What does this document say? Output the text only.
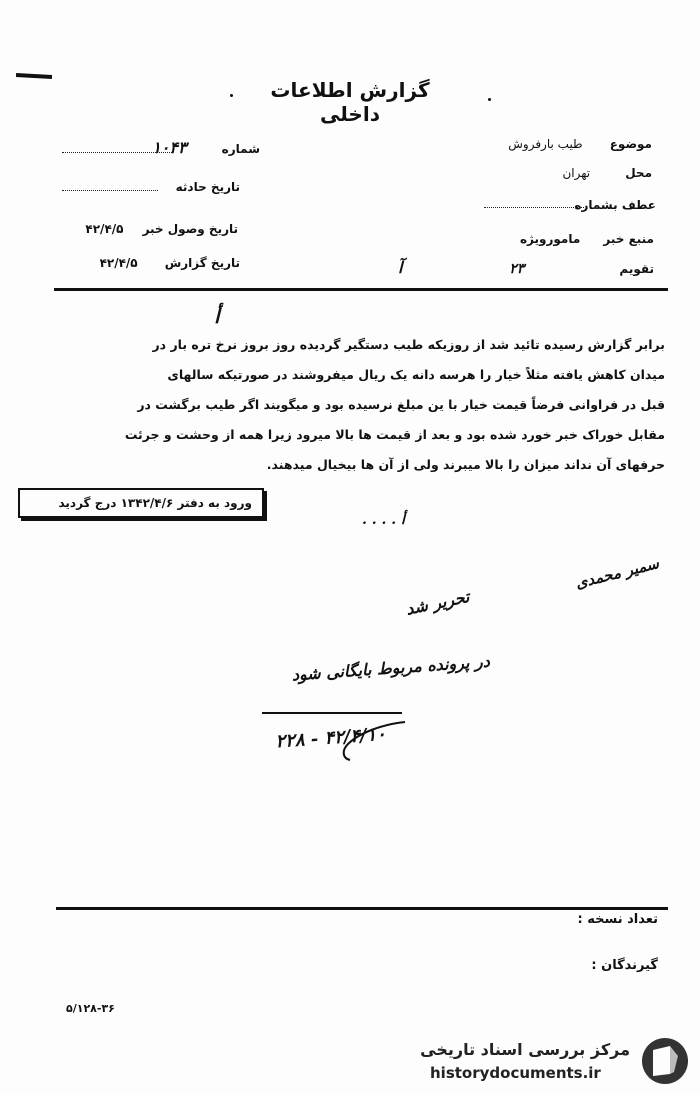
گزارش اطلاعات داخلی
شماره ۱۰۴۳
تاریخ حادثه
تاریخ وصول خبر ۴۲/۴/۵
تاریخ گزارش ۴۲/۴/۵
موضوع طیب بارفروش
محل تهران
عطف بشماره
منبع خبر مامورویژه
تقویم ۲۳
آ
أ
برابر گزارش رسیده تائید شد از روزیکه طیب دستگیر گردیده روز بروز نرخ تره بار در
میدان کاهش یافته مثلاً خیار را هرسه دانه یک ریال میفروشند در صورتیکه سالهای
قبل در فراوانی فرضاً قیمت خیار با ین مبلغ نرسیده بود و میگویند اگر طیب برگشت در
مقابل خوراک خبر خورد شده بود و بعد از قیمت ها بالا میرود زیرا همه از وحشت و جرئت
حرفهای آن نداند میزان را بالا میبرند ولی از آن ها بیخیال میدهند.
ورود به دفتر ۱۳۴۲/۴/۶ درج گردید
أ . . . .
سمیر محمدی
تحریر شد
در پرونده مربوط بایگانی شود
۴۲/۴/۱۰ - ۲۲۸
تعداد نسخه :
گیرندگان :
۵/۱۲۸-۳۶
مرکز بررسی اسناد تاریخی
historydocuments.ir
